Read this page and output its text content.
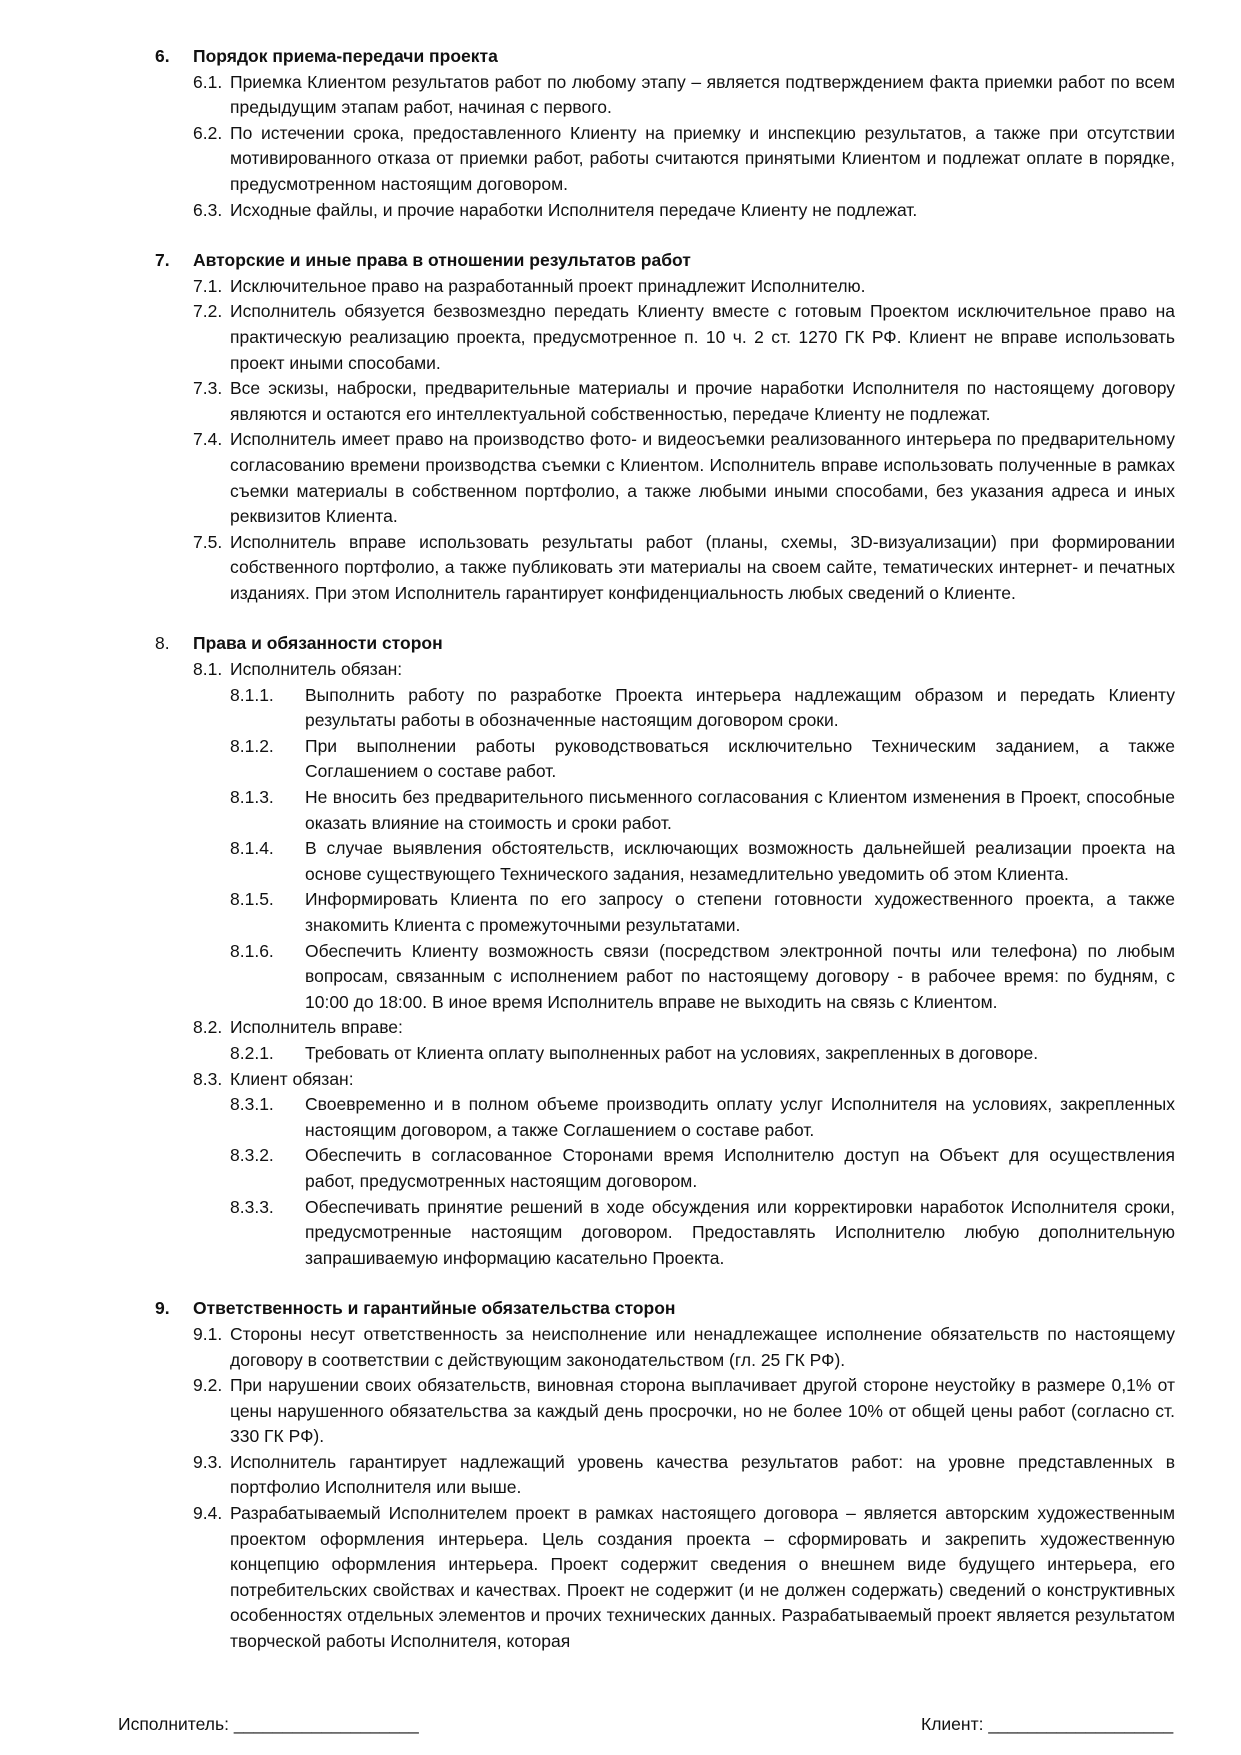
6.	Порядок приема-передачи проекта
6.1. Приемка Клиентом результатов работ по любому этапу – является подтверждением факта приемки работ по всем предыдущим этапам работ, начиная с первого.
6.2. По истечении срока, предоставленного Клиенту на приемку и инспекцию результатов, а также при отсутствии мотивированного отказа от приемки работ, работы считаются принятыми Клиентом и подлежат оплате в порядке, предусмотренном настоящим договором.
6.3. Исходные файлы, и прочие наработки Исполнителя передаче Клиенту не подлежат.
7.	Авторские и иные права в отношении результатов работ
7.1. Исключительное право на разработанный проект принадлежит Исполнителю.
7.2. Исполнитель обязуется безвозмездно передать Клиенту вместе с готовым Проектом исключительное право на практическую реализацию проекта, предусмотренное п. 10 ч. 2 ст. 1270 ГК РФ. Клиент не вправе использовать проект иными способами.
7.3. Все эскизы, наброски, предварительные материалы и прочие наработки Исполнителя по настоящему договору являются и остаются его интеллектуальной собственностью, передаче Клиенту не подлежат.
7.4. Исполнитель имеет право на производство фото- и видеосъемки реализованного интерьера по предварительному согласованию времени производства съемки с Клиентом. Исполнитель вправе использовать полученные в рамках съемки материалы в собственном портфолио, а также любыми иными способами, без указания адреса и иных реквизитов Клиента.
7.5. Исполнитель вправе использовать результаты работ (планы, схемы, 3D-визуализации) при формировании собственного портфолио, а также публиковать эти материалы на своем сайте, тематических интернет- и печатных изданиях. При этом Исполнитель гарантирует конфиденциальность любых сведений о Клиенте.
8.	Права и обязанности сторон
8.1. Исполнитель обязан:
8.1.1.	Выполнить работу по разработке Проекта интерьера надлежащим образом и передать Клиенту результаты работы в обозначенные настоящим договором сроки.
8.1.2.	При выполнении работы руководствоваться исключительно Техническим заданием, а также Соглашением о составе работ.
8.1.3.	Не вносить без предварительного письменного согласования с Клиентом изменения в Проект, способные оказать влияние на стоимость и сроки работ.
8.1.4.	В случае выявления обстоятельств, исключающих возможность дальнейшей реализации проекта на основе существующего Технического задания, незамедлительно уведомить об этом Клиента.
8.1.5.	Информировать Клиента по его запросу о степени готовности художественного проекта, а также знакомить Клиента с промежуточными результатами.
8.1.6.	Обеспечить Клиенту возможность связи (посредством электронной почты или телефона) по любым вопросам, связанным с исполнением работ по настоящему договору - в рабочее время: по будням, с 10:00 до 18:00. В иное время Исполнитель вправе не выходить на связь с Клиентом.
8.2. Исполнитель вправе:
8.2.1.	Требовать от Клиента оплату выполненных работ на условиях, закрепленных в договоре.
8.3. Клиент обязан:
8.3.1.	Своевременно и в полном объеме производить оплату услуг Исполнителя на условиях, закрепленных настоящим договором, а также Соглашением о составе работ.
8.3.2.	Обеспечить в согласованное Сторонами время Исполнителю доступ на Объект для осуществления работ, предусмотренных настоящим договором.
8.3.3.	Обеспечивать принятие решений в ходе обсуждения или корректировки наработок Исполнителя сроки, предусмотренные настоящим договором. Предоставлять Исполнителю любую дополнительную запрашиваемую информацию касательно Проекта.
9.	Ответственность и гарантийные обязательства сторон
9.1. Стороны несут ответственность за неисполнение или ненадлежащее исполнение обязательств по настоящему договору в соответствии с действующим законодательством (гл. 25 ГК РФ).
9.2. При нарушении своих обязательств, виновная сторона выплачивает другой стороне неустойку в размере 0,1% от цены нарушенного обязательства за каждый день просрочки, но не более 10% от общей цены работ (согласно ст. 330 ГК РФ).
9.3. Исполнитель гарантирует надлежащий уровень качества результатов работ: на уровне представленных в портфолио Исполнителя или выше.
9.4. Разрабатываемый Исполнителем проект в рамках настоящего договора – является авторским художественным проектом оформления интерьера. Цель создания проекта – сформировать и закрепить художественную концепцию оформления интерьера. Проект содержит сведения о внешнем виде будущего интерьера, его потребительских свойствах и качествах. Проект не содержит (и не должен содержать) сведений о конструктивных особенностях отдельных элементов и прочих технических данных. Разрабатываемый проект является результатом творческой работы Исполнителя, которая
Исполнитель: ___________________	Клиент: ___________________
